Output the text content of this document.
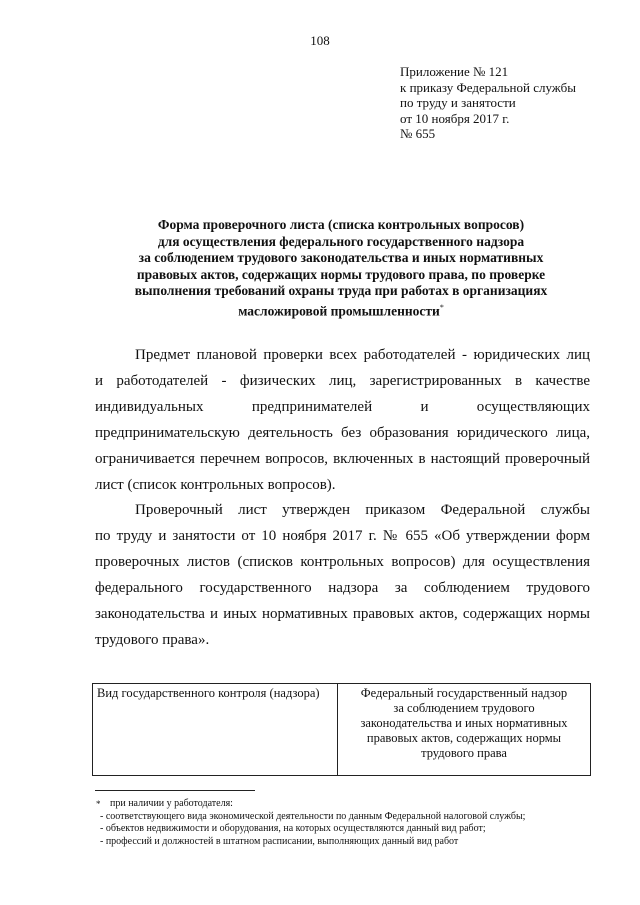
108
Приложение № 121
к приказу Федеральной службы
по труду и занятости
от 10 ноября 2017 г.
№ 655
Форма проверочного листа (списка контрольных вопросов)
для осуществления федерального государственного надзора
за соблюдением трудового законодательства и иных нормативных
правовых актов, содержащих нормы трудового права, по проверке
выполнения требований охраны труда при работах в организациях
масложировой промышленности*
Предмет плановой проверки всех работодателей - юридических лиц
и работодателей - физических лиц, зарегистрированных в качестве
индивидуальных предпринимателей и осуществляющих
предпринимательскую деятельность без образования юридического лица,
ограничивается перечнем вопросов, включенных в настоящий проверочный
лист (список контрольных вопросов).
Проверочный лист утвержден приказом Федеральной службы
по труду и занятости от 10 ноября 2017 г. № 655 «Об утверждении форм
проверочных листов (списков контрольных вопросов) для осуществления
федерального государственного надзора за соблюдением трудового
законодательства и иных нормативных правовых актов, содержащих нормы
трудового права».
Вид государственного контроля (надзора)	Федеральный государственный надзор
за соблюдением трудового
законодательства и иных нормативных
правовых актов, содержащих нормы
трудового права
* при наличии у работодателя:
- соответствующего вида экономической деятельности по данным Федеральной налоговой службы;
- объектов недвижимости и оборудования, на которых осуществляются данный вид работ;
- профессий и должностей в штатном расписании, выполняющих данный вид работ
